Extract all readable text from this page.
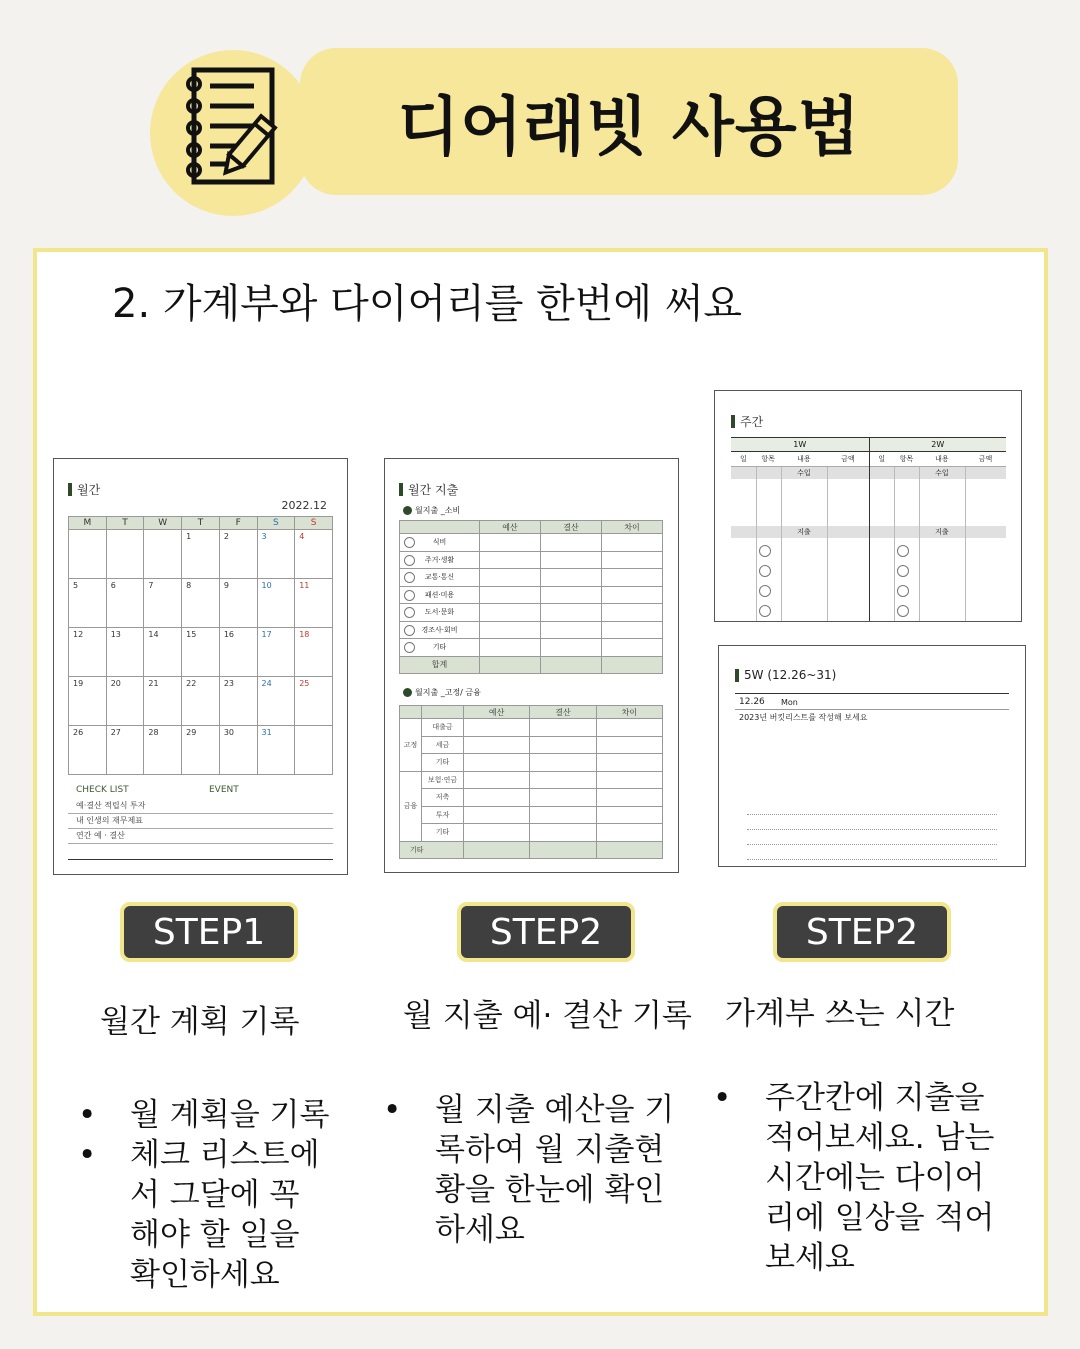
디어래빗 사용법
2. 가계부와 다이어리를 한번에 써요
월간
2022.12
M	T	W	T	F	S	S
			1	2	3	4
5	6	7	8	9	10	11
12	13	14	15	16	17	18
19	20	21	22	23	24	25
26	27	28	29	30	31	
CHECK LIST	EVENT
예·결산 적립식 투자
내 인생의 재무제표
연간 예 · 결산
월간 지출
월지출 _소비
	예산	결산	차이

식비			

주거·생활			

교통·통신			

패션·미용			

도서·문화			

경조사·회비			

기타			
합계			
월지출 _고정/ 금융
		예산	결산	차이
고정	대출금			
	세금			
	기타			
금융	보험·연금			
	저축			
	투자			
	기타			
기타				
주간
1W
일	항목	내용	금액
수입
지출
2W
일	항목	내용	금액
수입
지출
5W (12.26~31)
12.26 Mon
2023년 버킷리스트를 작성해 보세요
STEP1	STEP2	STEP2
월간 계획 기록	월 지출 예· 결산 기록 가계부 쓰는 시간
• 월 계획을 기록
• 체크 리스트에
서 그달에 꼭
해야 할 일을
확인하세요
• 월 지출 예산을 기
록하여 월 지출현
황을 한눈에 확인
하세요
• 주간칸에 지출을
적어보세요. 남는
시간에는 다이어
리에 일상을 적어
보세요
